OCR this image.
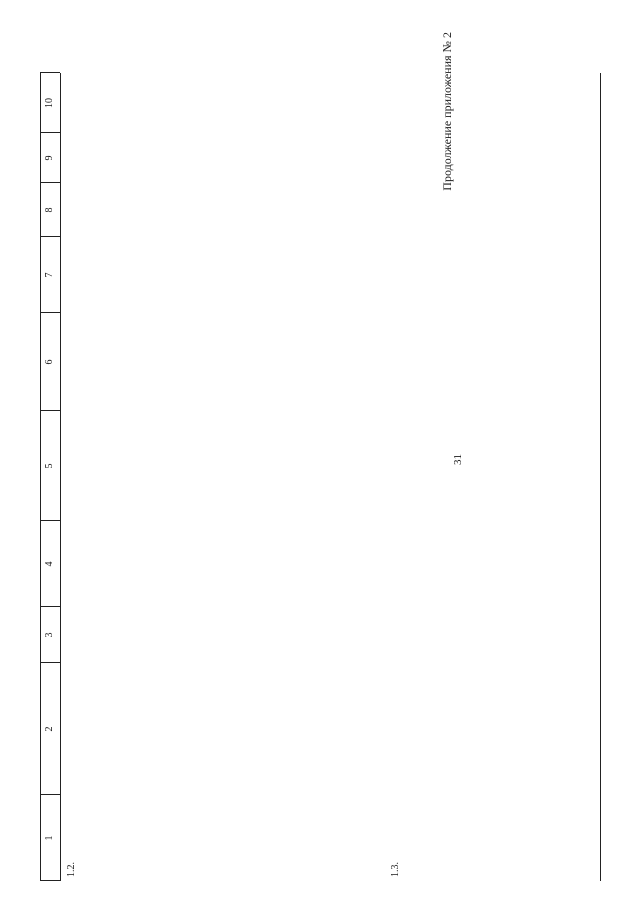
31
Продолжение приложения № 2
1
2
3
4
5
6
7
8
9
10
1.2.	1.3.
